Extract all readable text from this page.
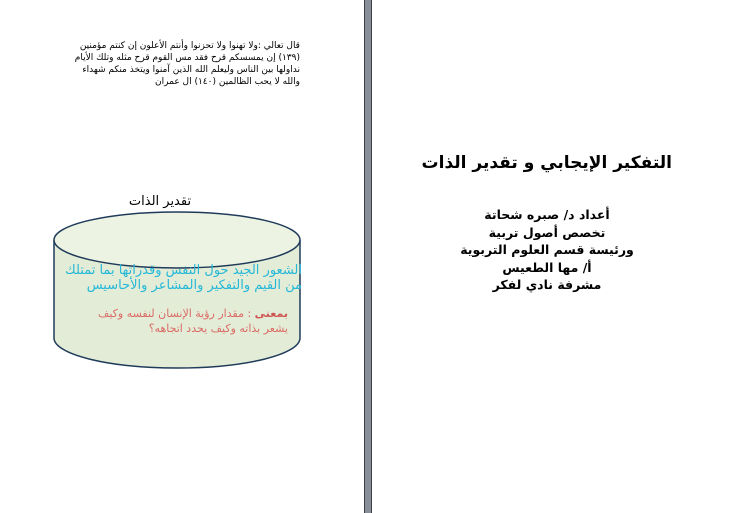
قال تعالي :ولا تهنوا ولا تحزنوا وأنتم الأعلون إن كنتم مؤمنين (١٣٩) إن يمسسكم قرح فقد مس القوم قرح مثله وتلك الأيام نداولها بين الناس وليعلم الله الذين آمنوا ويتخذ منكم شهداء والله لا يحب الظالمين (١٤٠) ال عمران
تقدير الذات
الشعور الجيد حول النفس وقدراتها بما تمتلك من القيم والتفكير والمشاعر والأحاسيس
بمعنى : مقدار رؤية الإنسان لنفسه وكيف يشعر بذاته وكيف يحدد اتجاهه؟
التفكير الإيجابي و تقدير الذات
أعداد د/ صبره شحاتة
تخصص أصول تربية
ورئيسة قسم العلوم التربوية
أ/ مها الطعيس
مشرفة نادي لفكر
